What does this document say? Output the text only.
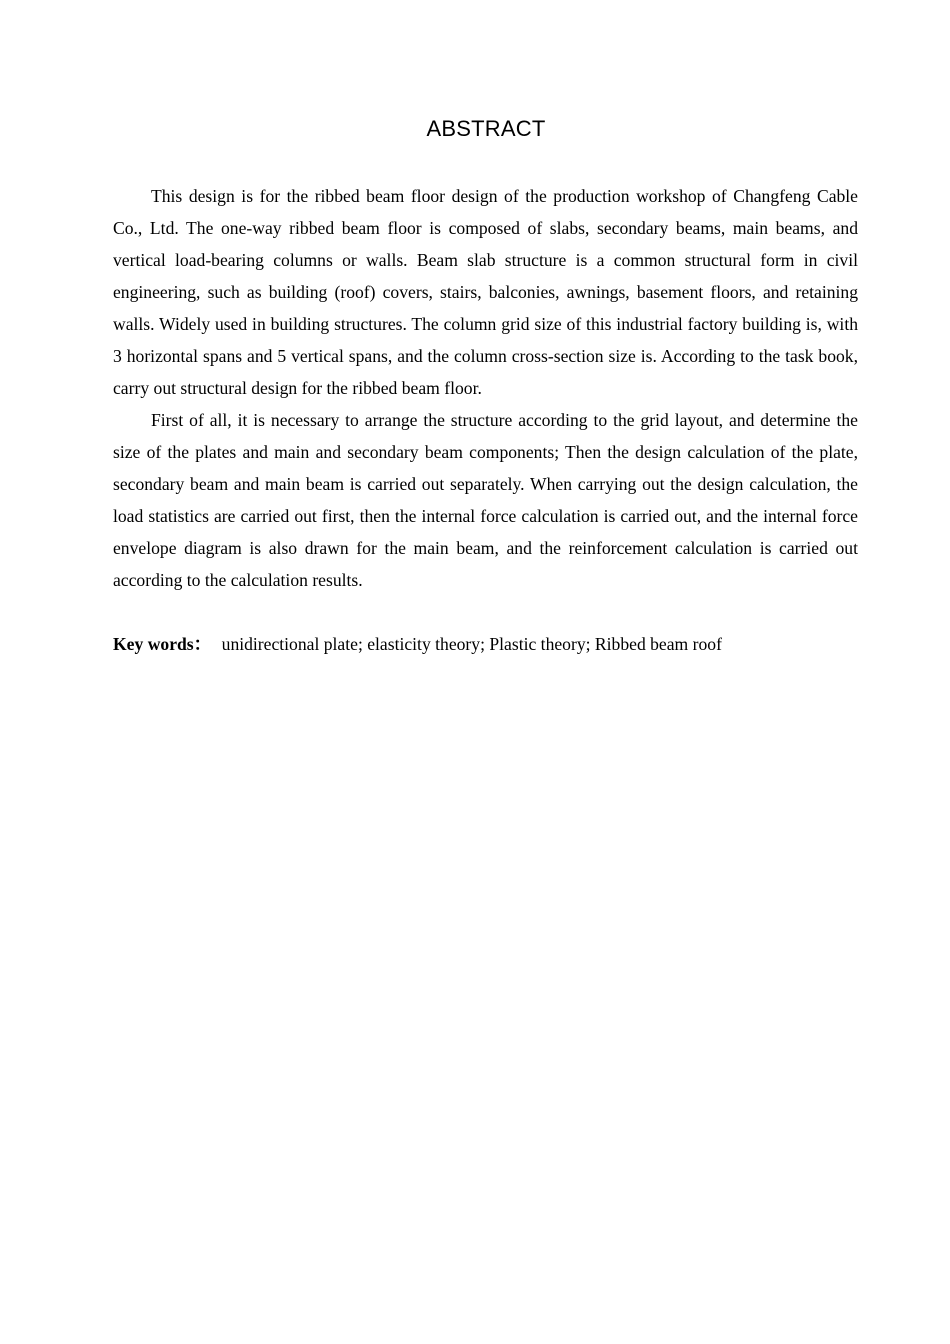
ABSTRACT

This design is for the ribbed beam floor design of the production workshop of Changfeng Cable Co., Ltd. The one-way ribbed beam floor is composed of slabs, secondary beams, main beams, and vertical load-bearing columns or walls. Beam slab structure is a common structural form in civil engineering, such as building (roof) covers, stairs, balconies, awnings, basement floors, and retaining walls. Widely used in building structures. The column grid size of this industrial factory building is, with 3 horizontal spans and 5 vertical spans, and the column cross-section size is. According to the task book, carry out structural design for the ribbed beam floor.

First of all, it is necessary to arrange the structure according to the grid layout, and determine the size of the plates and main and secondary beam components; Then the design calculation of the plate, secondary beam and main beam is carried out separately. When carrying out the design calculation, the load statistics are carried out first, then the internal force calculation is carried out, and the internal force envelope diagram is also drawn for the main beam, and the reinforcement calculation is carried out according to the calculation results.

Key words： unidirectional plate; elasticity theory; Plastic theory; Ribbed beam roof
